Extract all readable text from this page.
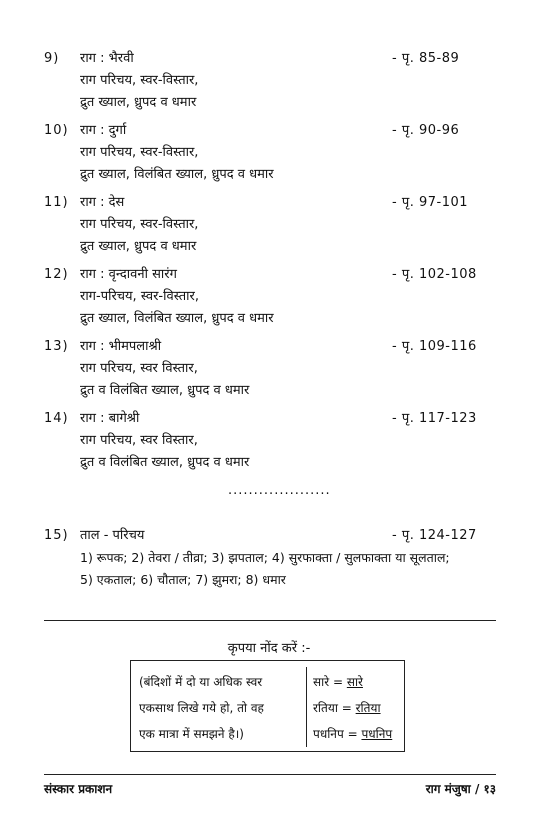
9) राग : भैरवी	- पृ. 85-89
राग परिचय, स्वर-विस्तार,
द्रुत ख्याल, ध्रुपद व धमार
10) राग : दुर्गा	- पृ. 90-96
राग परिचय, स्वर-विस्तार,
द्रुत ख्याल, विलंबित ख्याल, ध्रुपद व धमार
11) राग : देस	- पृ. 97-101
राग परिचय, स्वर-विस्तार,
द्रुत ख्याल, ध्रुपद व धमार
12) राग : वृन्दावनी सारंग	- पृ. 102-108
राग-परिचय, स्वर-विस्तार,
द्रुत ख्याल, विलंबित ख्याल, ध्रुपद व धमार
13) राग : भीमपलाश्री	- पृ. 109-116
राग परिचय, स्वर विस्तार,
द्रुत व विलंबित ख्याल, ध्रुपद व धमार
14) राग : बागेश्री	- पृ. 117-123
राग परिचय, स्वर विस्तार,
द्रुत व विलंबित ख्याल, ध्रुपद व धमार
....................
15) ताल - परिचय	- पृ. 124-127
1) रूपक; 2) तेवरा / तीव्रा; 3) झपताल; 4) सुरफाक्ता / सुलफाक्ता या सूलताल;
5) एकताल; 6) चौताल; 7) झुमरा; 8) धमार
कृपया नोंद करें :-
(बंदिशों में दो या अधिक स्वर
एकसाथ लिखे गये हो, तो वह
एक मात्रा में समझने है।)
सारे = सारे
रतिया = रतिया
पधनिप = पधनिप
संस्कार प्रकाशन	राग मंजुषा / १३
